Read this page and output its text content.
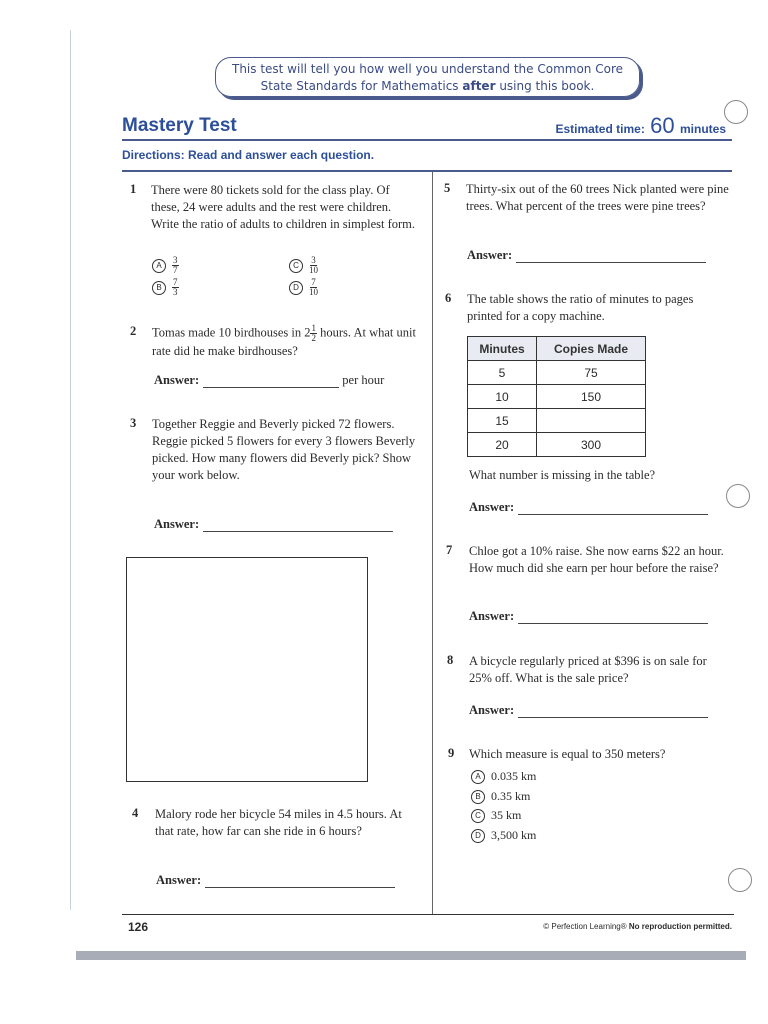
This test will tell you how well you understand the Common Core
State Standards for Mathematics after using this book.
Mastery Test	Estimated time: 60 minutes
Directions: Read and answer each question.
1 There were 80 tickets sold for the class play. Of these, 24 were adults and the rest were children. Write the ratio of adults to children in simplest form.
A	$\frac{3}{7}$
B	$\frac{7}{3}$
C	$\frac{3}{10}$
D	$\frac{7}{10}$
2 Tomas made 10 birdhouses in $2 \frac{1}{2}$ hours. At what unit rate did he make birdhouses?
Answer:	per hour
3 Together Reggie and Beverly picked 72 flowers. Reggie picked 5 flowers for every 3 flowers Beverly picked. How many flowers did Beverly pick? Show your work below.
Answer:
4 Malory rode her bicycle 54 miles in 4.5 hours. At that rate, how far can she ride in 6 hours?
Answer:
5 Thirty-six out of the 60 trees Nick planted were pine trees. What percent of the trees were pine trees?
Answer:
6 The table shows the ratio of minutes to pages printed for a copy machine.
Minutes	Copies Made
5	75
10	150
15	
20	300
What number is missing in the table?
Answer:
7 Chloe got a 10% raise. She now earns $22 an hour. How much did she earn per hour before the raise?
Answer:
8 A bicycle regularly priced at $396 is on sale for 25% off. What is the sale price?
Answer:
9 Which measure is equal to 350 meters?
A 0.035 km
B 0.35 km
C 35 km
D 3,500 km
126	© Perfection Learning® No reproduction permitted.
